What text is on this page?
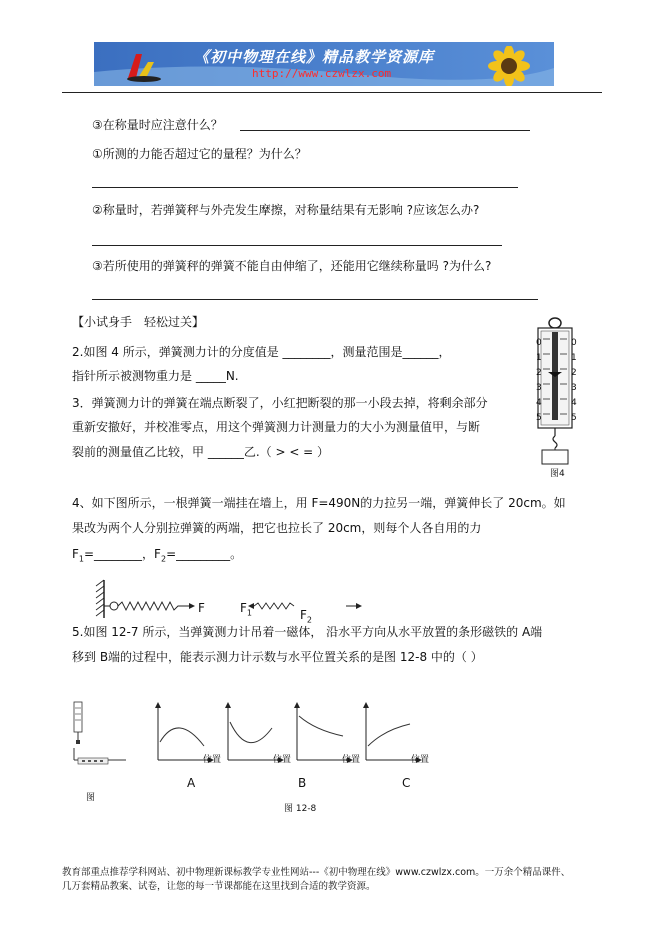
《初中物理在线》精品教学资源库
http://www.czwlzx.com
③在称量时应注意什么？
①所测的力能否超过它的量程？为什么？
②称量时，若弹簧秤与外壳发生摩擦，对称量结果有无影响 ?应该怎么办?
③若所使用的弹簧秤的弹簧不能自由伸缩了，还能用它继续称量吗 ?为什么?
【小试身手　轻松过关】
2.如图 4 所示，弹簧测力计的分度值是 ________，测量范围是______，
指针所示被测物重力是 _____N.
3．弹簧测力计的弹簧在端点断裂了，小红把断裂的那一小段去掉，将剩余部分
重新安撤好，并校准零点，用这个弹簧测力计测量力的大小为测量值甲，与断
裂前的测量值乙比较，甲 ______乙.（ > < = ）
0
1
2
3
4
5
0
1
2
3
4
5
图4
4、如下图所示，一根弹簧一端挂在墙上，用 F=490N的力拉另一端，弹簧伸长了 20cm。如
果改为两个人分别拉弹簧的两端，把它也拉长了 20cm，则每个人各自用的力
$F_1=\_\_\_\_\_\_\_\_$，$F_2=\_\_\_\_\_\_\_\_\_$。
F	$F_1$	$F_2$
5.如图 12-7 所示，当弹簧测力计吊着一磁体， 沿水平方向从水平放置的条形磁铁的 A端
移到 B端的过程中，能表示测力计示数与水平位置关系的是图 12-8 中的（ ）
图
位置	位置	位置	位置
A	B	C
图 12-8
教育部重点推荐学科网站、初中物理新课标教学专业性网站---《初中物理在线》www.czwlzx.com。一万余个精品课件、
几万套精品教案、试卷，让您的每一节课都能在这里找到合适的教学资源。
